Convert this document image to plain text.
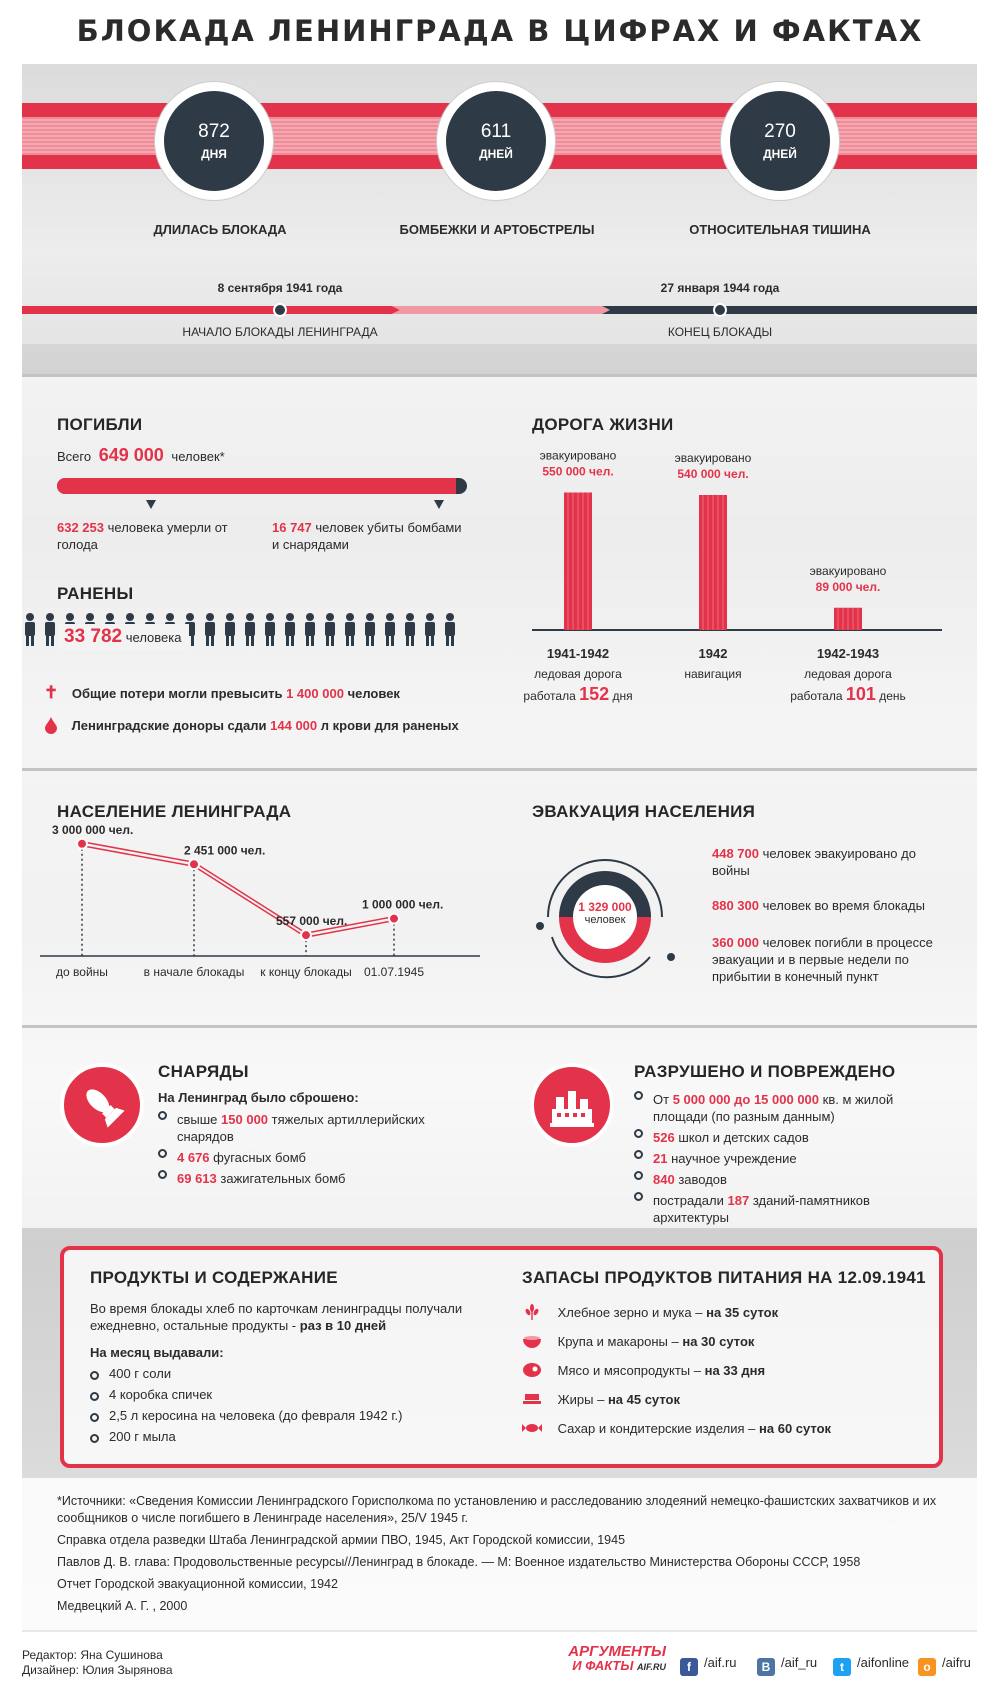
БЛОКАДА ЛЕНИНГРАДА В ЦИФРАХ И ФАКТАХ
872
ДНЯ
611
ДНЕЙ
270
ДНЕЙ
ДЛИЛАСЬ БЛОКАДА	БОМБЕЖКИ И АРТОБСТРЕЛЫ	ОТНОСИТЕЛЬНАЯ ТИШИНА
8 сентября 1941 года	27 января 1944 года
НАЧАЛО БЛОКАДЫ ЛЕНИНГРАДА	КОНЕЦ БЛОКАДЫ
ПОГИБЛИ
Всего 649 000 человек*
632 253 человека умерли от голода
16 747 человек убиты бомбами и снарядами
РАНЕНЫ
33 782 человека
✝ Общие потери могли превысить 1 400 000 человек
Ленинградские доноры сдали 144 000 л крови для раненых
ДОРОГА ЖИЗНИ
эвакуировано
550 000 чел.
1941-1942
ледовая дорога
работала 152 дня
эвакуировано
540 000 чел.
1942
навигация
эвакуировано
89 000 чел.
1942-1943
ледовая дорога
работала 101 день
НАСЕЛЕНИЕ ЛЕНИНГРАДА
3 000 000 чел.
до войны
2 451 000 чел.
в начале блокады
557 000 чел.
к концу блокады
1 000 000 чел.
01.07.1945
ЭВАКУАЦИЯ НАСЕЛЕНИЯ
1 329 000
человек
448 700 человек эвакуировано до войны
880 300 человек во время блокады
360 000 человек погибли в процессе эвакуации и в первые недели по прибытии в конечный пункт
СНАРЯДЫ
На Ленинград было сброшено:
свыше 150 000 тяжелых артиллерийских снарядов
4 676 фугасных бомб
69 613 зажигательных бомб
РАЗРУШЕНО И ПОВРЕЖДЕНО
От 5 000 000 до 15 000 000 кв. м жилой площади (по разным данным)
526 школ и детских садов
21 научное учреждение
840 заводов
пострадали 187 зданий-памятников архитектуры
ПРОДУКТЫ И СОДЕРЖАНИЕ
Во время блокады хлеб по карточкам ленинградцы получали ежедневно, остальные продукты - раз в 10 дней
На месяц выдавали:
400 г соли
4 коробка спичек
2,5 л керосина на человека (до февраля 1942 г.)
200 г мыла
ЗАПАСЫ ПРОДУКТОВ ПИТАНИЯ НА 12.09.1941
Хлебное зерно и мука – на 35 суток
Крупа и макароны – на 30 суток
Мясо и мясопродукты – на 33 дня
Жиры – на 45 суток
Сахар и кондитерские изделия – на 60 суток
*Источники: «Сведения Комиссии Ленинградского Горисполкома по установлению и расследованию злодеяний немецко-фашистских захватчиков и их сообщников о числе погибшего в Ленинграде населения», 25/V 1945 г.
Справка отдела разведки Штаба Ленинградской армии ПВО, 1945, Акт Городской комиссии, 1945
Павлов Д. В. глава: Продовольственные ресурсы//Ленинград в блокаде. — М: Военное издательство Министерства Обороны СССР, 1958
Отчет Городской эвакуационной комиссии, 1942
Медвецкий А. Г. , 2000
Редактор: Яна Сушинова
Дизайнер: Юлия Зырянова
АРГУМЕНТЫ
И ФАКТЫ AIF.RU	f /aif.ru	B /aif_ru	t /aifonline	o /aifru
